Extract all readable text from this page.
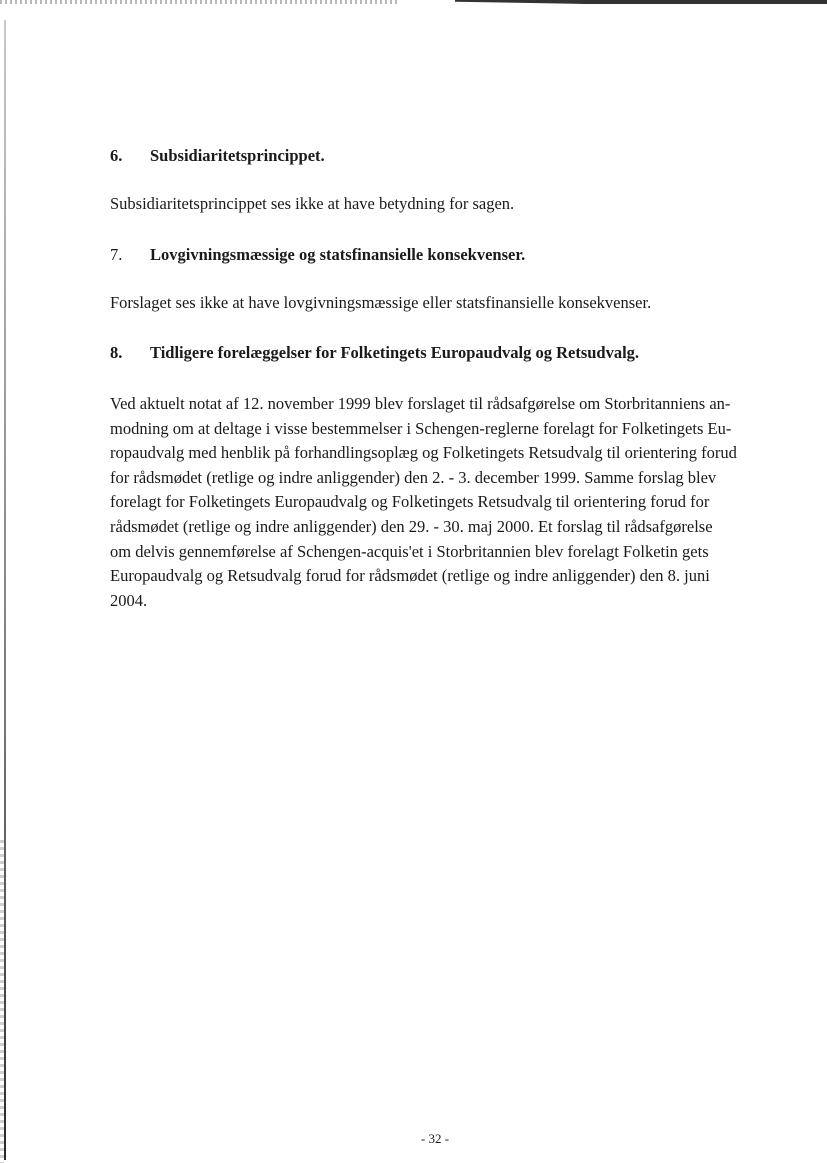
6.	Subsidiaritetsprincippet.

Subsidiaritetsprincippet ses ikke at have betydning for sagen.

7.	Lovgivningsmæssige og statsfinansielle konsekvenser.

Forslaget ses ikke at have lovgivningsmæssige eller statsfinansielle konsekvenser.

8.	Tidligere forelæggelser for Folketingets Europaudvalg og Retsudvalg.
Ved aktuelt notat af 12. november 1999 blev forslaget til rådsafgørelse om Storbritanniens an-
modning om at deltage i visse bestemmelser i Schengen-reglerne forelagt for Folketingets Eu-
ropaudvalg med henblik på forhandlingsoplæg og Folketingets Retsudvalg til orientering forud
for rådsmødet (retlige og indre anliggender) den 2. - 3. december 1999. Samme forslag blev
forelagt for Folketingets Europaudvalg og Folketingets Retsudvalg til orientering forud for
rådsmødet (retlige og indre anliggender) den 29. - 30. maj 2000. Et forslag til rådsafgørelse
om delvis gennemførelse af Schengen-acquis'et i Storbritannien blev forelagt Folketin gets
Europaudvalg og Retsudvalg forud for rådsmødet (retlige og indre anliggender) den 8. juni
2004.
- 32 -
